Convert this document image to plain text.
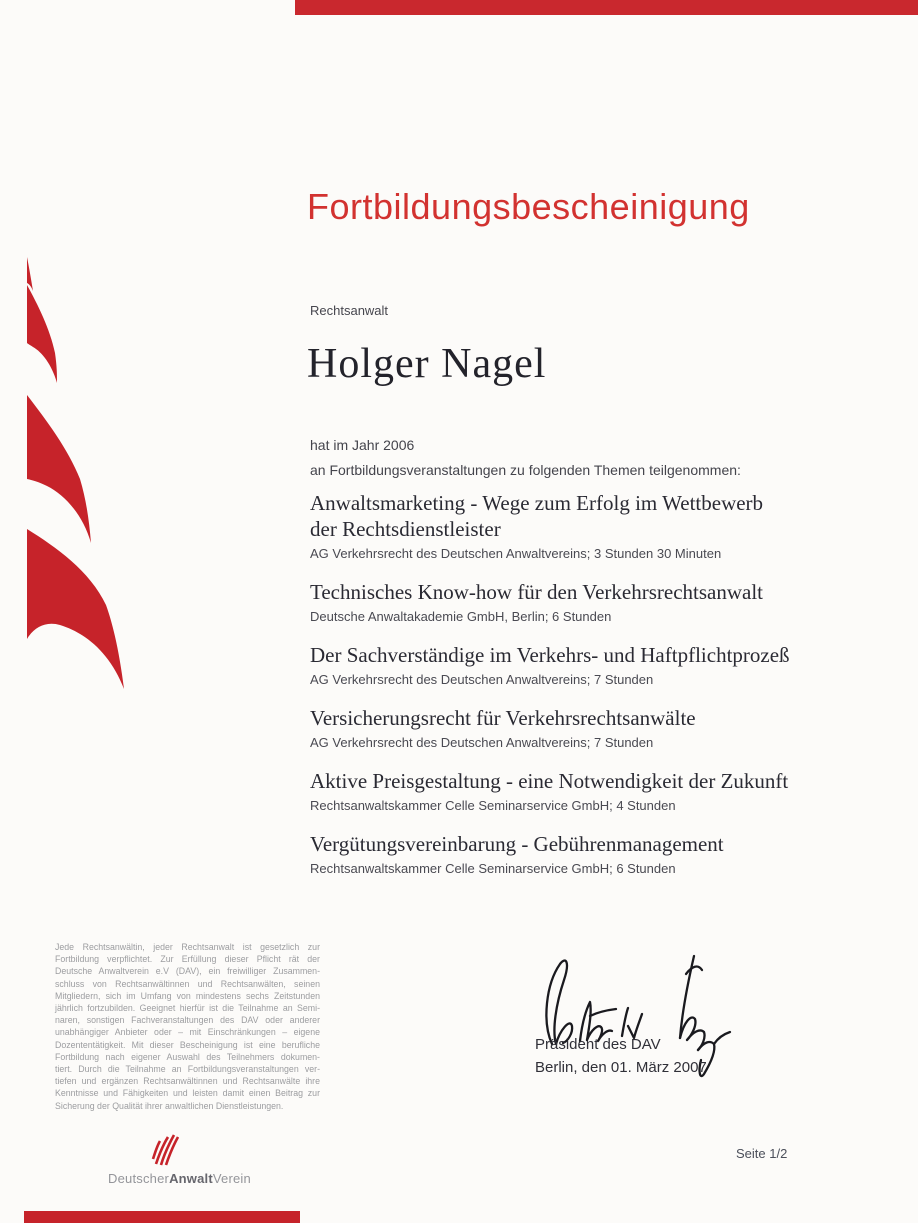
Fortbildungsbescheinigung
Rechtsanwalt
Holger Nagel
hat im Jahr 2006
an Fortbildungsveranstaltungen zu folgenden Themen teilgenommen:
Anwaltsmarketing - Wege zum Erfolg im Wettbewerb
der Rechtsdienstleister
AG Verkehrsrecht des Deutschen Anwaltvereins; 3 Stunden 30 Minuten
Technisches Know-how für den Verkehrsrechtsanwalt
Deutsche Anwaltakademie GmbH, Berlin; 6 Stunden
Der Sachverständige im Verkehrs- und Haftpflichtprozeß
AG Verkehrsrecht des Deutschen Anwaltvereins; 7 Stunden
Versicherungsrecht für Verkehrsrechtsanwälte
AG Verkehrsrecht des Deutschen Anwaltvereins; 7 Stunden
Aktive Preisgestaltung - eine Notwendigkeit der Zukunft
Rechtsanwaltskammer Celle Seminarservice GmbH; 4 Stunden
Vergütungsvereinbarung - Gebührenmanagement
Rechtsanwaltskammer Celle Seminarservice GmbH; 6 Stunden
Jede Rechtsanwältin, jeder Rechtsanwalt ist gesetzlich zur
Fortbildung verpflichtet. Zur Erfüllung dieser Pflicht rät der
Deutsche Anwaltverein e.V (DAV), ein freiwilliger Zusammen-
schluss von Rechtsanwältinnen und Rechtsanwälten, seinen
Mitgliedern, sich im Umfang von mindestens sechs Zeitstunden
jährlich fortzubilden. Geeignet hierfür ist die Teilnahme an Semi-
naren, sonstigen Fachveranstaltungen des DAV oder anderer
unabhängiger Anbieter oder – mit Einschränkungen – eigene
Dozententätigkeit. Mit dieser Bescheinigung ist eine berufliche
Fortbildung nach eigener Auswahl des Teilnehmers dokumen-
tiert. Durch die Teilnahme an Fortbildungsveranstaltungen ver-
tiefen und ergänzen Rechtsanwältinnen und Rechtsanwälte ihre
Kenntnisse und Fähigkeiten und leisten damit einen Beitrag zur
Sicherung der Qualität ihrer anwaltlichen Dienstleistungen.
Präsident des DAV
Berlin, den 01. März 2007
DeutscherAnwaltVerein
Seite 1/2
